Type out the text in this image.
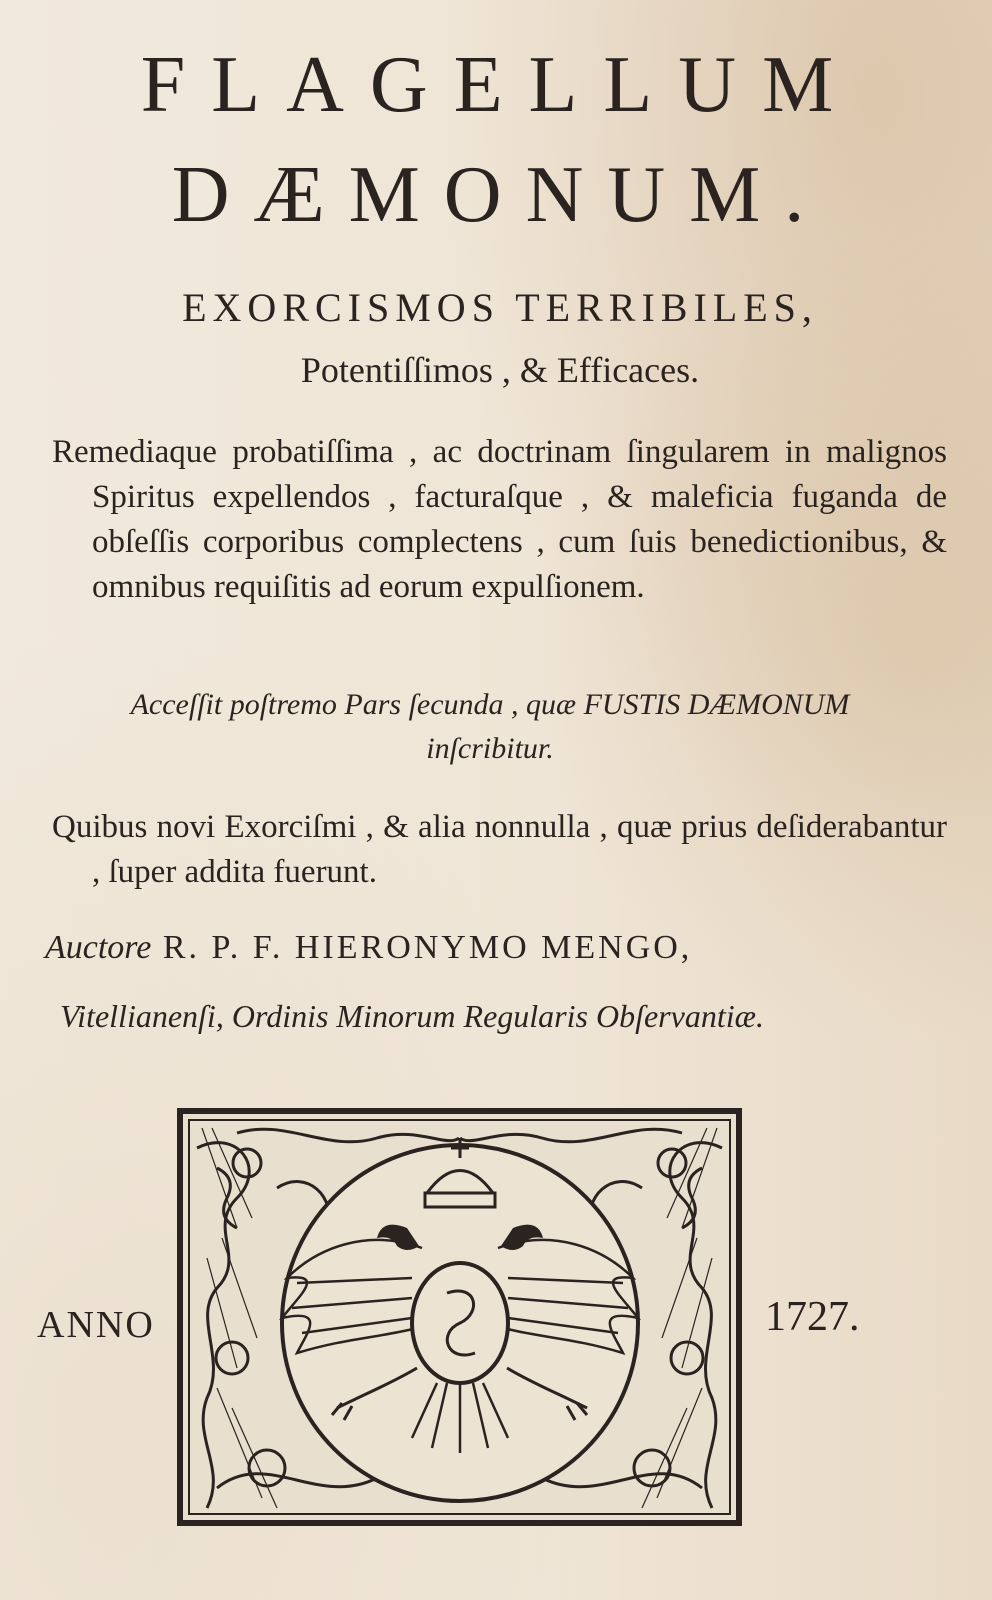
FLAGELLUM
DÆMONUM.
EXORCISMOS TERRIBILES,
Potentiſſimos , & Efficaces.
Remediaque probatiſſima , ac doctrinam ſingularem in malignos Spiritus expellendos , facturaſque , & maleficia fuganda de obſeſſis corporibus complectens , cum ſuis benedictionibus, & omnibus requiſitis ad eorum expulſionem.
Acceſſit poſtremo Pars ſecunda , quæ FUSTIS DÆMONUM inſcribitur.
Quibus novi Exorciſmi , & alia nonnulla , quæ prius deſiderabantur , ſuper addita fuerunt.
Auctore R. P. F. HIERONYMO MENGO,
Vitellianenſi, Ordinis Minorum Regularis Obſervantiæ.
ANNO	1727.
